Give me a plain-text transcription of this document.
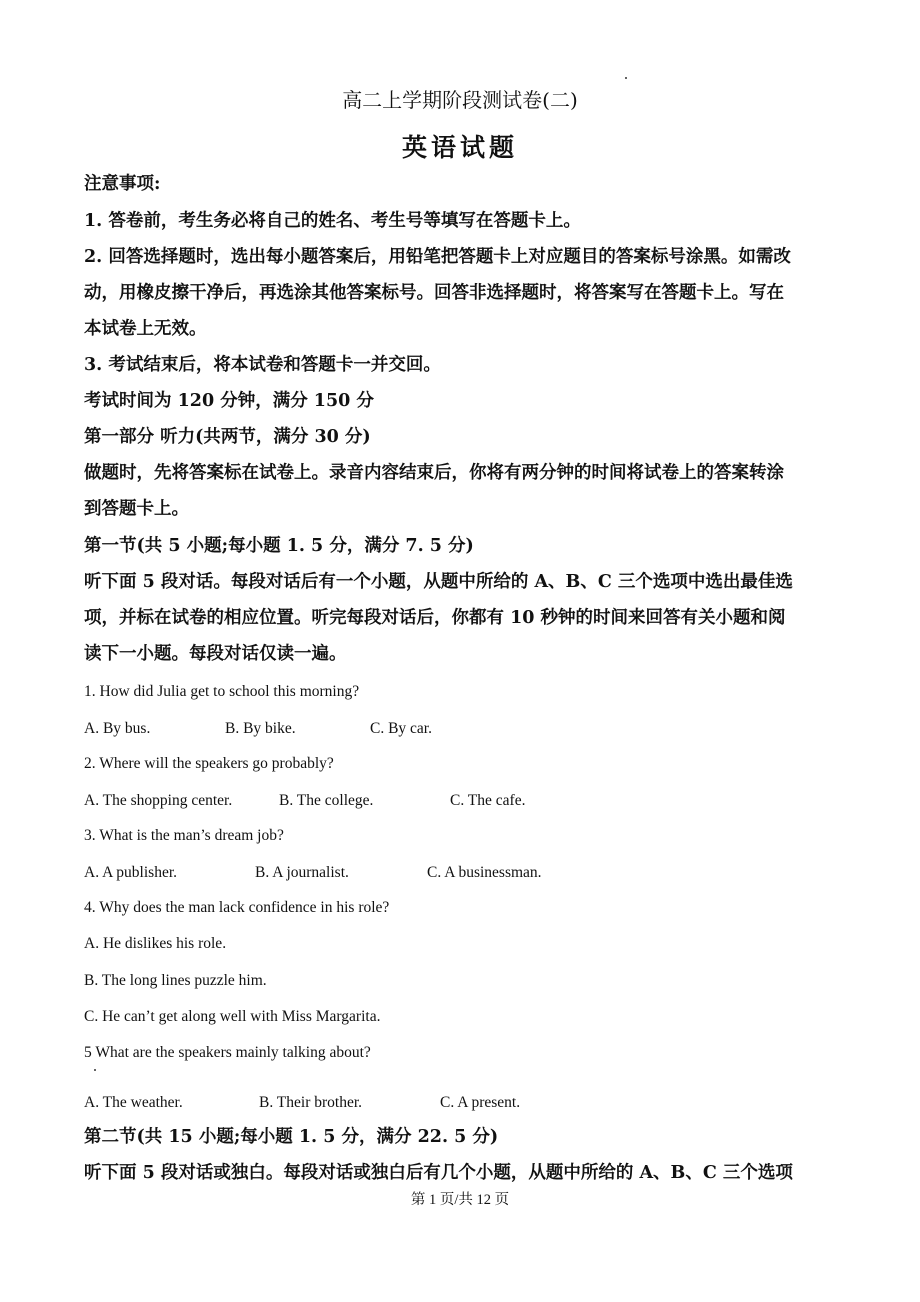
高二上学期阶段测试卷(二)
英语试题
注意事项:
1. 答卷前，考生务必将自己的姓名、考生号等填写在答题卡上。
2. 回答选择题时，选出每小题答案后，用铅笔把答题卡上对应题目的答案标号涂黑。如需改
动，用橡皮擦干净后，再选涂其他答案标号。回答非选择题时，将答案写在答题卡上。写在
本试卷上无效。
3. 考试结束后，将本试卷和答题卡一并交回。
考试时间为 120 分钟，满分 150 分
第一部分 听力(共两节，满分 30 分)
做题时，先将答案标在试卷上。录音内容结束后，你将有两分钟的时间将试卷上的答案转涂
到答题卡上。
第一节(共 5 小题;每小题 1. 5 分，满分 7. 5 分)
听下面 5 段对话。每段对话后有一个小题，从题中所给的 A、B、C 三个选项中选出最佳选
项，并标在试卷的相应位置。听完每段对话后，你都有 10 秒钟的时间来回答有关小题和阅
读下一小题。每段对话仅读一遍。
1. How did Julia get to school this morning?
A. By bus.	B. By bike.	C. By car.
2. Where will the speakers go probably?
A. The shopping center.	B. The college.	C. The cafe.
3. What is the man’s dream job?
A. A publisher.	B. A journalist.	C. A businessman.
4. Why does the man lack confidence in his role?
A. He dislikes his role.
B. The long lines puzzle him.
C. He can’t get along well with Miss Margarita.
5 What are the speakers mainly talking about?
A. The weather.	B. Their brother.	C. A present.
第二节(共 15 小题;每小题 1. 5 分，满分 22. 5 分)
听下面 5 段对话或独白。每段对话或独白后有几个小题，从题中所给的 A、B、C 三个选项
第 1 页/共 12 页
